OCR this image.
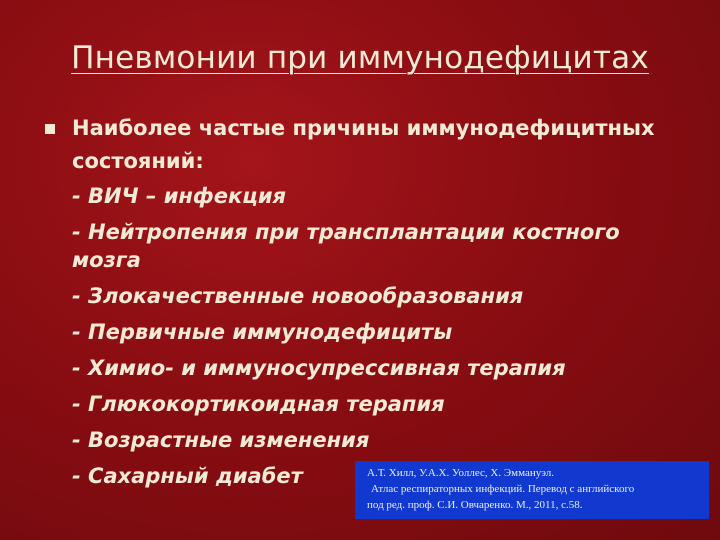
Пневмонии при иммунодефицитах
Наиболее частые причины иммунодефицитных состояний:
- ВИЧ – инфекция
- Нейтропения при трансплантации костного мозга
- Злокачественные новообразования
- Первичные иммунодефициты
- Химио- и иммуносупрессивная терапия
- Глюкокортикоидная терапия
- Возрастные изменения
- Сахарный диабет	А.Т. Хилл, У.А.Х. Уоллес, Х. Эммануэл.
Атлас респираторных инфекций. Перевод с английского
под ред. проф. С.И. Овчаренко. М., 2011, с.58.
